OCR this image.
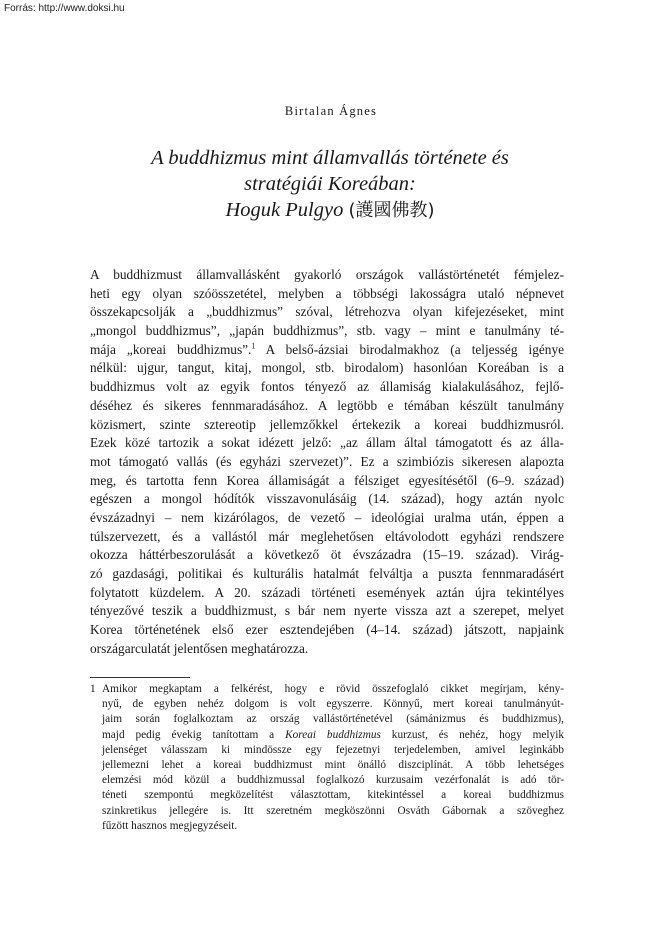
Forrás: http://www.doksi.hu
Birtalan Ágnes
A buddhizmus mint államvallás története és
stratégiái Koreában:
Hoguk Pulgyo (護國佛教)
A buddhizmust államvallásként gyakorló országok vallástörténetét fémjelez-
heti egy olyan szóösszetétel, melyben a többségi lakosságra utaló népnevet
összekapcsolják a „buddhizmus” szóval, létrehozva olyan kifejezéseket, mint
„mongol buddhizmus”, „japán buddhizmus”, stb. vagy – mint e tanulmány té-
mája „koreai buddhizmus”.$^1$ A belső-ázsiai birodalmakhoz (a teljesség igénye
nélkül: ujgur, tangut, kitaj, mongol, stb. birodalom) hasonlóan Koreában is a
buddhizmus volt az egyik fontos tényező az államiság kialakulásához, fejlő-
déséhez és sikeres fennmaradásához. A legtöbb e témában készült tanulmány
közismert, szinte sztereotip jellemzőkkel értekezik a koreai buddhizmusról.
Ezek közé tartozik a sokat idézett jelző: „az állam által támogatott és az álla-
mot támogató vallás (és egyházi szervezet)”. Ez a szimbiózis sikeresen alapozta
meg, és tartotta fenn Korea államiságát a félsziget egyesítésétől (6–9. század)
egészen a mongol hódítók visszavonulásáig (14. század), hogy aztán nyolc
évszázadnyi – nem kizárólagos, de vezető – ideológiai uralma után, éppen a
túlszervezett, és a vallástól már meglehetősen eltávolodott egyházi rendszere
okozza háttérbeszorulását a következő öt évszázadra (15–19. század). Virág-
zó gazdasági, politikai és kulturális hatalmát felváltja a puszta fennmaradásért
folytatott küzdelem. A 20. századi történeti események aztán újra tekintélyes
tényezővé teszik a buddhizmust, s bár nem nyerte vissza azt a szerepet, melyet
Korea történetének első ezer esztendejében (4–14. század) játszott, napjaink
országarculatát jelentősen meghatározza.
1 Amikor megkaptam a felkérést, hogy e rövid összefoglaló cikket megírjam, kény-
nyű, de egyben nehéz dolgom is volt egyszerre. Könnyű, mert koreai tanulmányút-
jaim során foglalkoztam az ország vallástörténetével (sámánizmus és buddhizmus),
majd pedig évekig tanítottam a Koreai buddhizmus kurzust, és nehéz, hogy melyik
jelenséget válasszam ki mindössze egy fejezetnyi terjedelemben, amivel leginkább
jellemezni lehet a koreai buddhizmust mint önálló diszciplínát. A több lehetséges
elemzési mód közül a buddhizmussal foglalkozó kurzusaim vezérfonalát is adó tör-
téneti szempontú megközelítést választottam, kitekintéssel a koreai buddhizmus
szinkretikus jellegére is. Itt szeretném megköszönni Osváth Gábornak a szöveghez
fűzött hasznos megjegyzéseit.
